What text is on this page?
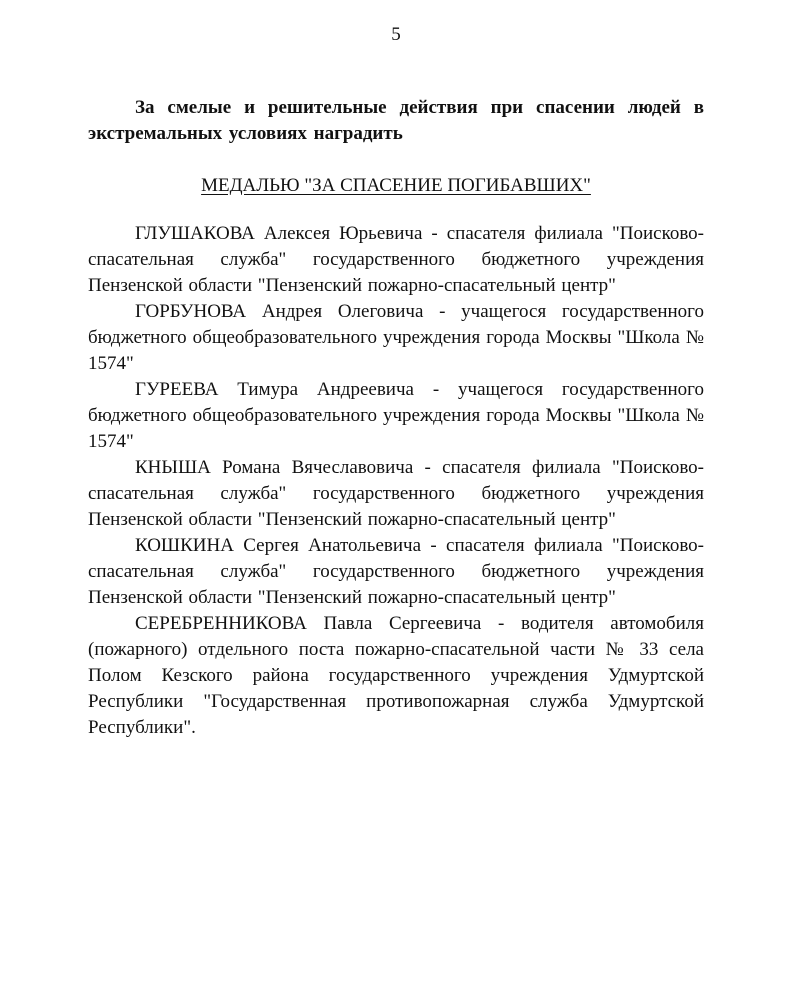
5

За смелые и решительные действия при спасении людей в экстремальных условиях наградить

МЕДАЛЬЮ "ЗА СПАСЕНИЕ ПОГИБАВШИХ"

ГЛУШАКОВА Алексея Юрьевича - спасателя филиала "Поисково-спасательная служба" государственного бюджетного учреждения Пензенской области "Пензенский пожарно-спасательный центр"

ГОРБУНОВА Андрея Олеговича - учащегося государственного бюджетного общеобразовательного учреждения города Москвы "Школа № 1574"

ГУРЕЕВА Тимура Андреевича - учащегося государственного бюджетного общеобразовательного учреждения города Москвы "Школа № 1574"

КНЫША Романа Вячеславовича - спасателя филиала "Поисково-спасательная служба" государственного бюджетного учреждения Пензенской области "Пензенский пожарно-спасательный центр"

КОШКИНА Сергея Анатольевича - спасателя филиала "Поисково-спасательная служба" государственного бюджетного учреждения Пензенской области "Пензенский пожарно-спасательный центр"

СЕРЕБРЕННИКОВА Павла Сергеевича - водителя автомобиля (пожарного) отдельного поста пожарно-спасательной части № 33 села Полом Кезского района государственного учреждения Удмуртской Республики "Государственная противопожарная служба Удмуртской Республики".
